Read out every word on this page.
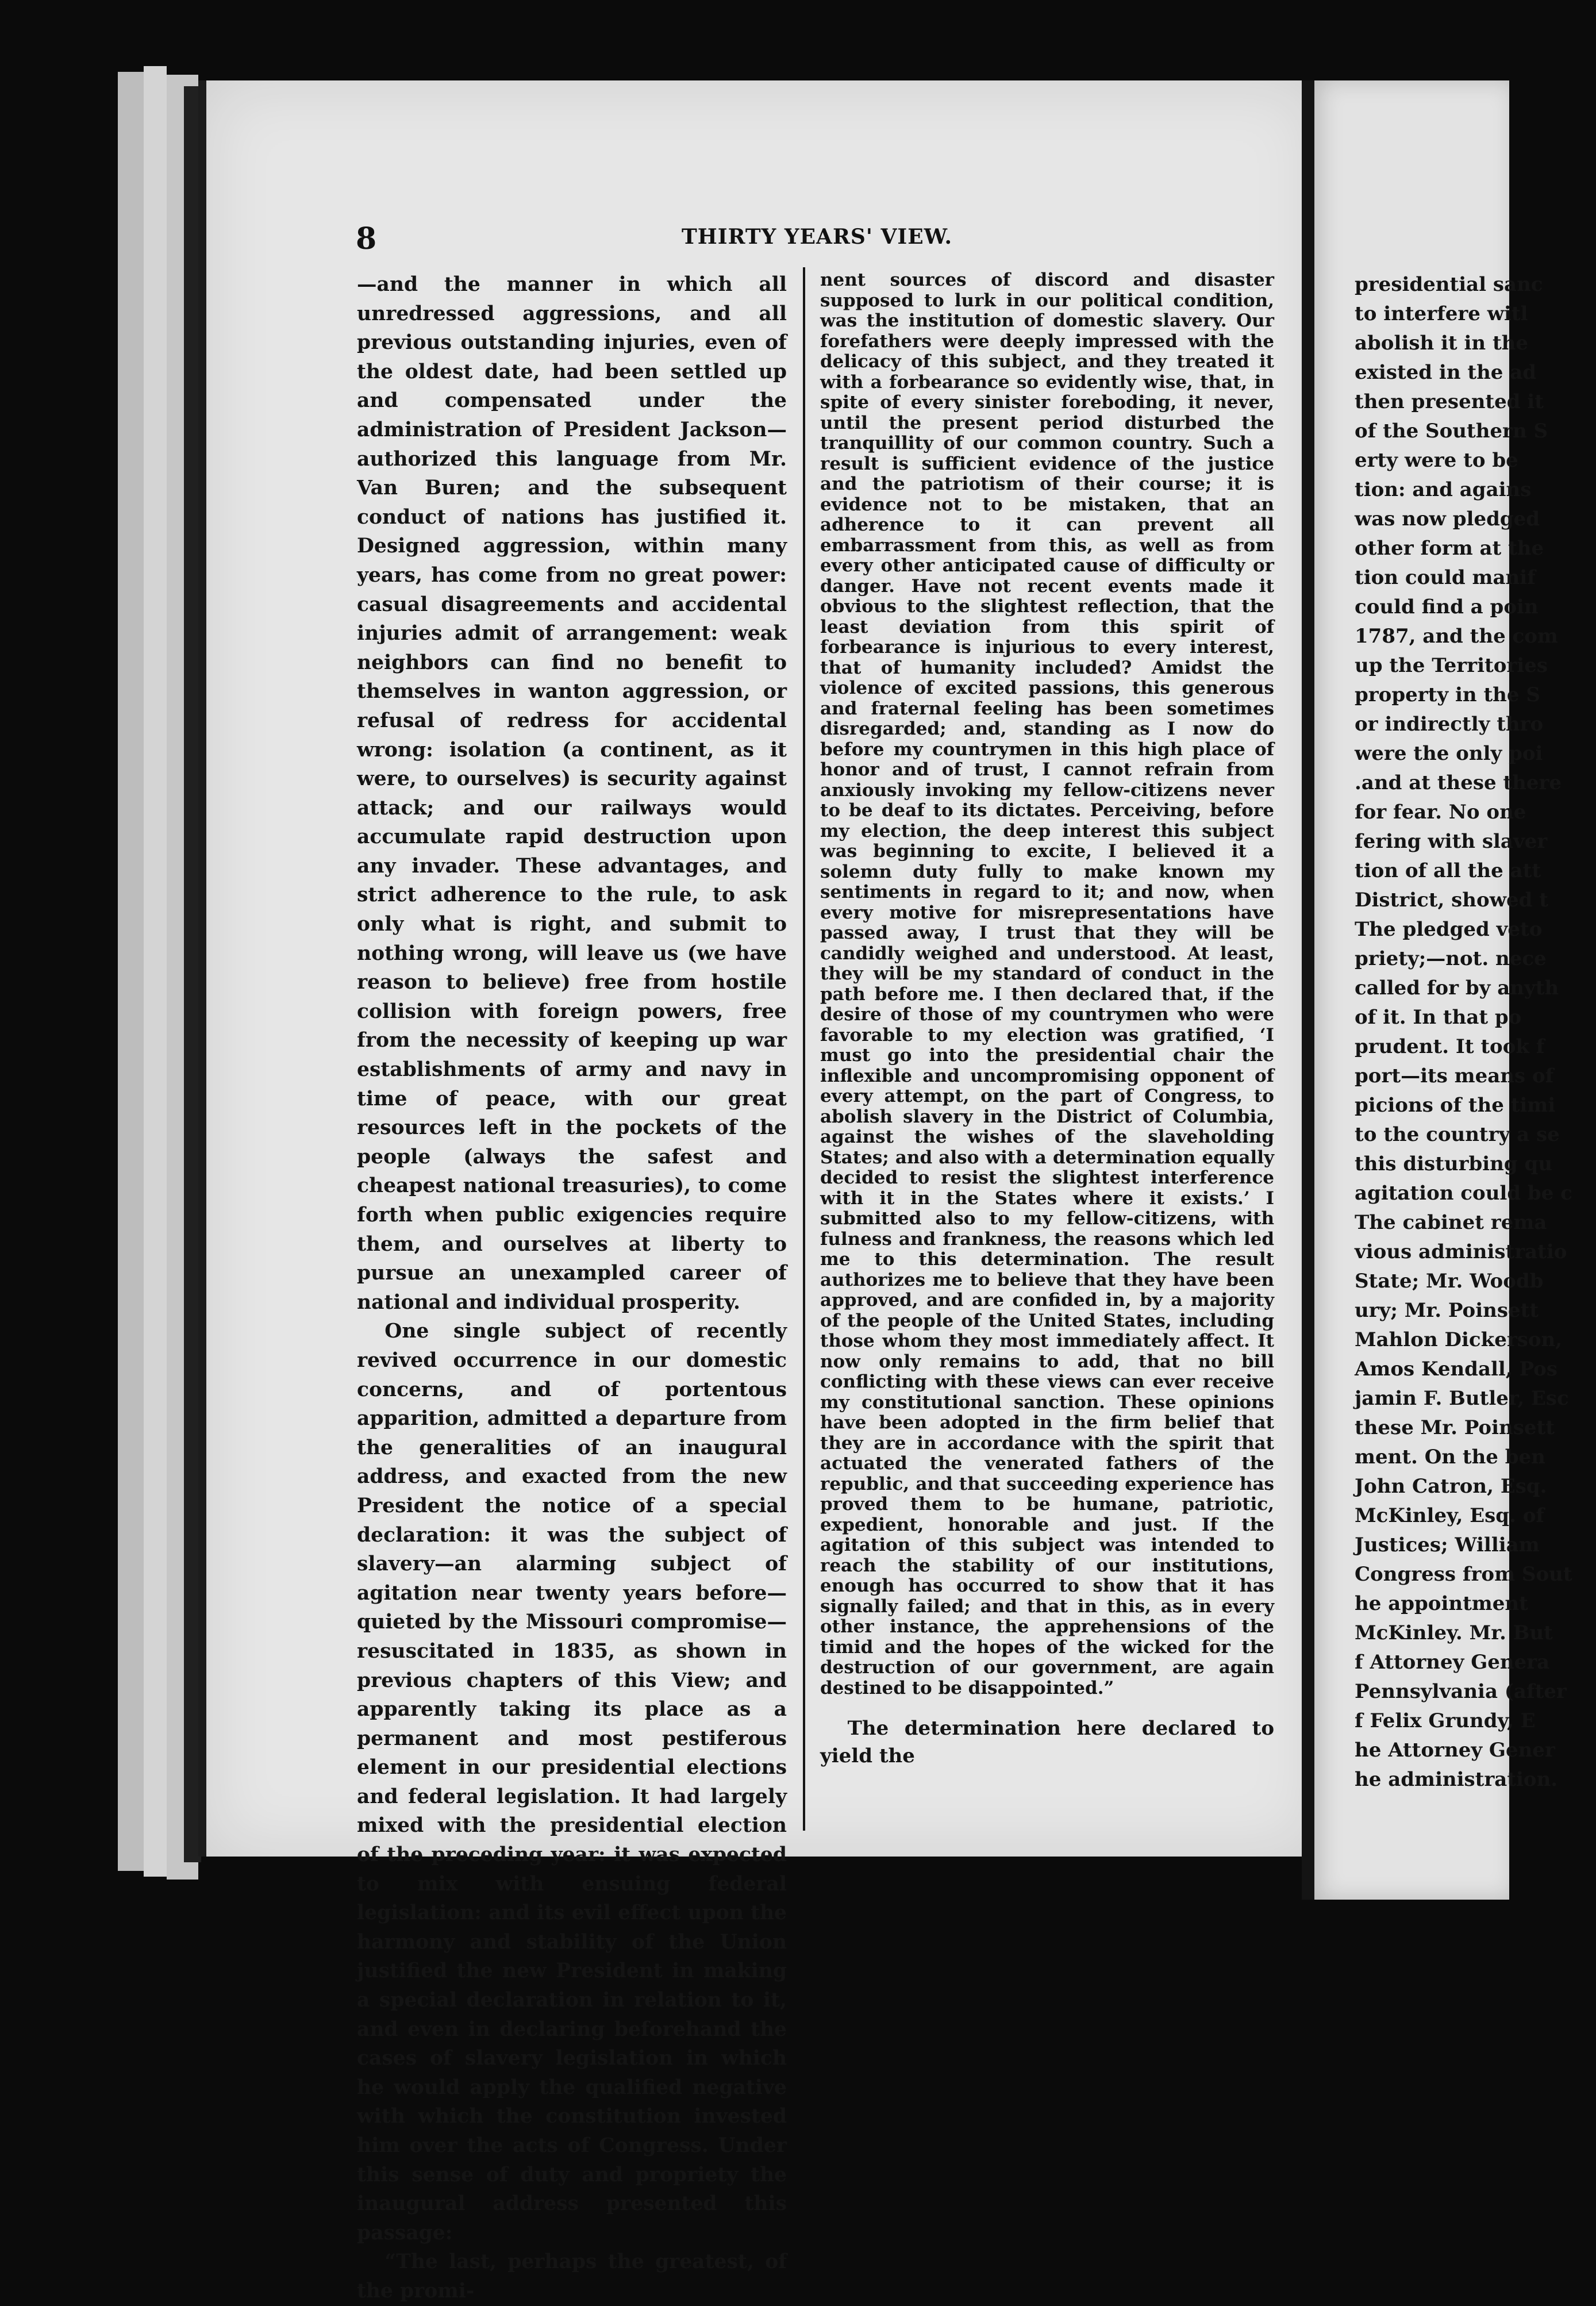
8	THIRTY YEARS' VIEW.

—and the manner in which all unredressed aggressions, and all previous outstanding injuries, even of the oldest date, had been settled up and compensated under the administration of President Jackson—authorized this language from Mr. Van Buren; and the subsequent conduct of nations has justified it. Designed aggression, within many years, has come from no great power: casual disagreements and accidental injuries admit of arrangement: weak neighbors can find no benefit to themselves in wanton aggression, or refusal of redress for accidental wrong: isolation (a continent, as it were, to ourselves) is security against attack; and our railways would accumulate rapid destruction upon any invader. These advantages, and strict adherence to the rule, to ask only what is right, and submit to nothing wrong, will leave us (we have reason to believe) free from hostile collision with foreign powers, free from the necessity of keeping up war establishments of army and navy in time of peace, with our great resources left in the pockets of the people (always the safest and cheapest national treasuries), to come forth when public exigencies require them, and ourselves at liberty to pursue an unexampled career of national and individual prosperity.

One single subject of recently revived occurrence in our domestic concerns, and of portentous apparition, admitted a departure from the generalities of an inaugural address, and exacted from the new President the notice of a special declaration: it was the subject of slavery—an alarming subject of agitation near twenty years before—quieted by the Missouri compromise—resuscitated in 1835, as shown in previous chapters of this View; and apparently taking its place as a permanent and most pestiferous element in our presidential elections and federal legislation. It had largely mixed with the presidential election of the preceding year: it was expected to mix with ensuing federal legislation: and its evil effect upon the harmony and stability of the Union justified the new President in making a special declaration in relation to it, and even in declaring beforehand the cases of slavery legislation in which he would apply the qualified negative with which the constitution invested him over the acts of Congress. Under this sense of duty and propriety the inaugural address presented this passage:

“The last, perhaps the greatest, of the promi-

nent sources of discord and disaster supposed to lurk in our political condition, was the institution of domestic slavery. Our forefathers were deeply impressed with the delicacy of this subject, and they treated it with a forbearance so evidently wise, that, in spite of every sinister foreboding, it never, until the present period disturbed the tranquillity of our common country. Such a result is sufficient evidence of the justice and the patriotism of their course; it is evidence not to be mistaken, that an adherence to it can prevent all embarrassment from this, as well as from every other anticipated cause of difficulty or danger. Have not recent events made it obvious to the slightest reflection, that the least deviation from this spirit of forbearance is injurious to every interest, that of humanity included? Amidst the violence of excited passions, this generous and fraternal feeling has been sometimes disregarded; and, standing as I now do before my countrymen in this high place of honor and of trust, I cannot refrain from anxiously invoking my fellow-citizens never to be deaf to its dictates. Perceiving, before my election, the deep interest this subject was beginning to excite, I believed it a solemn duty fully to make known my sentiments in regard to it; and now, when every motive for misrepresentations have passed away, I trust that they will be candidly weighed and understood. At least, they will be my standard of conduct in the path before me. I then declared that, if the desire of those of my countrymen who were favorable to my election was gratified, ‘I must go into the presidential chair the inflexible and uncompromising opponent of every attempt, on the part of Congress, to abolish slavery in the District of Columbia, against the wishes of the slaveholding States; and also with a determination equally decided to resist the slightest interference with it in the States where it exists.’ I submitted also to my fellow-citizens, with fulness and frankness, the reasons which led me to this determination. The result authorizes me to believe that they have been approved, and are confided in, by a majority of the people of the United States, including those whom they most immediately affect. It now only remains to add, that no bill conflicting with these views can ever receive my constitutional sanction. These opinions have been adopted in the firm belief that they are in accordance with the spirit that actuated the venerated fathers of the republic, and that succeeding experience has proved them to be humane, patriotic, expedient, honorable and just. If the agitation of this subject was intended to reach the stability of our institutions, enough has occurred to show that it has signally failed; and that in this, as in every other instance, the apprehensions of the timid and the hopes of the wicked for the destruction of our government, are again destined to be disappointed.”

The determination here declared to yield the

presidential sanc
to interfere witl
abolish it in the
existed in the ad
then presented it
of the Southern S
erty were to be
tion: and agains
was now pledged
other form at the
tion could manif
could find a poin
1787, and the com
up the Territories
property in the S
or indirectly thro
were the only poi
.and at these there
for fear. No one
fering with slaver
tion of all the att
District, showed t
The pledged veto
priety;—not. nece
called for by anyth
of it. In that po
prudent. It took f
port—its means of
picions of the timi
to the country a se
this disturbing qu
agitation could be c
The cabinet rema
vious administratio
State; Mr. Woodb
ury; Mr. Poinsett
Mahlon Dickerson,
Amos Kendall, Pos
jamin F. Butler, Esc
these Mr. Poinsett
ment. On the ben
John Catron, Esq.
McKinley, Esq. of
Justices; William
Congress from Sout
he appointment
McKinley. Mr. But
f Attorney Genera
Pennsylvania (after
f Felix Grundy, E
he Attorney Gener
he administration.
